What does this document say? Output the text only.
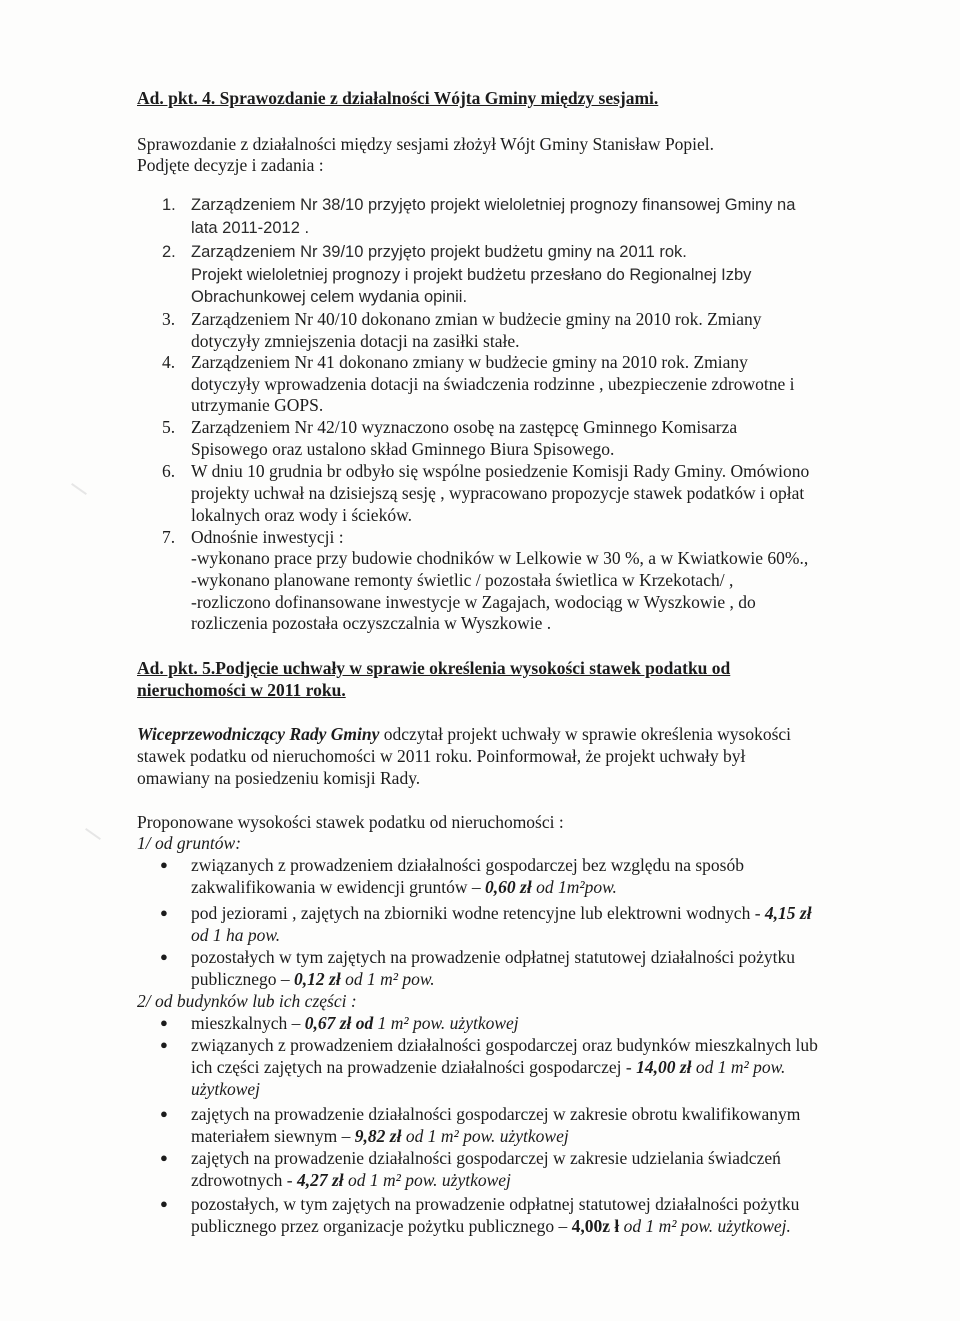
Ad. pkt. 4. Sprawozdanie z działalności Wójta Gminy między sesjami.
Sprawozdanie z działalności między sesjami złożył Wójt Gminy Stanisław Popiel.
Podjęte decyzje i zadania :
1. Zarządzeniem Nr 38/10 przyjęto projekt wieloletniej prognozy finansowej Gminy na
lata 2011-2012 .
2. Zarządzeniem Nr 39/10 przyjęto projekt budżetu gminy na 2011 rok.
Projekt wieloletniej prognozy i projekt budżetu przesłano do Regionalnej Izby
Obrachunkowej celem wydania opinii.
3. Zarządzeniem Nr 40/10 dokonano zmian w budżecie gminy na 2010 rok. Zmiany
dotyczyły zmniejszenia dotacji na zasiłki stałe.
4. Zarządzeniem Nr 41 dokonano zmiany w budżecie gminy na 2010 rok. Zmiany
dotyczyły wprowadzenia dotacji na świadczenia rodzinne , ubezpieczenie zdrowotne i
utrzymanie GOPS.
5. Zarządzeniem Nr 42/10 wyznaczono osobę na zastępcę Gminnego Komisarza
Spisowego oraz ustalono skład Gminnego Biura Spisowego.
6. W dniu 10 grudnia br odbyło się wspólne posiedzenie Komisji Rady Gminy. Omówiono
projekty uchwał na dzisiejszą sesję , wypracowano propozycje stawek podatków i opłat
lokalnych oraz wody i ścieków.
7. Odnośnie inwestycji :
-wykonano prace przy budowie chodników w Lelkowie w 30 %, a w Kwiatkowie 60%.,
-wykonano planowane remonty świetlic / pozostała świetlica w Krzekotach/ ,
-rozliczono dofinansowane inwestycje w Zagajach, wodociąg w Wyszkowie , do
rozliczenia pozostała oczyszczalnia w Wyszkowie .
Ad. pkt. 5.Podjęcie uchwały w sprawie określenia wysokości stawek podatku od
nieruchomości w 2011 roku.
Wiceprzewodniczący Rady Gminy odczytał projekt uchwały w sprawie określenia wysokości
stawek podatku od nieruchomości w 2011 roku. Poinformował, że projekt uchwały był
omawiany na posiedzeniu komisji Rady.
Proponowane wysokości stawek podatku od nieruchomości :
1/ od gruntów:
● związanych z prowadzeniem działalności gospodarczej bez względu na sposób
zakwalifikowania w ewidencji gruntów – 0,60 zł od 1m²pow.
● pod jeziorami , zajętych na zbiorniki wodne retencyjne lub elektrowni wodnych - 4,15 zł
od 1 ha pow.
● pozostałych w tym zajętych na prowadzenie odpłatnej statutowej działalności pożytku
publicznego – 0,12 zł od 1 m² pow.
2/ od budynków lub ich części :
● mieszkalnych – 0,67 zł od 1 m² pow. użytkowej
● związanych z prowadzeniem działalności gospodarczej oraz budynków mieszkalnych lub
ich części zajętych na prowadzenie działalności gospodarczej - 14,00 zł od 1 m² pow.
użytkowej
● zajętych na prowadzenie działalności gospodarczej w zakresie obrotu kwalifikowanym
materiałem siewnym – 9,82 zł od 1 m² pow. użytkowej
● zajętych na prowadzenie działalności gospodarczej w zakresie udzielania świadczeń
zdrowotnych - 4,27 zł od 1 m² pow. użytkowej
● pozostałych, w tym zajętych na prowadzenie odpłatnej statutowej działalności pożytku
publicznego przez organizacje pożytku publicznego – 4,00z ł od 1 m² pow. użytkowej.
